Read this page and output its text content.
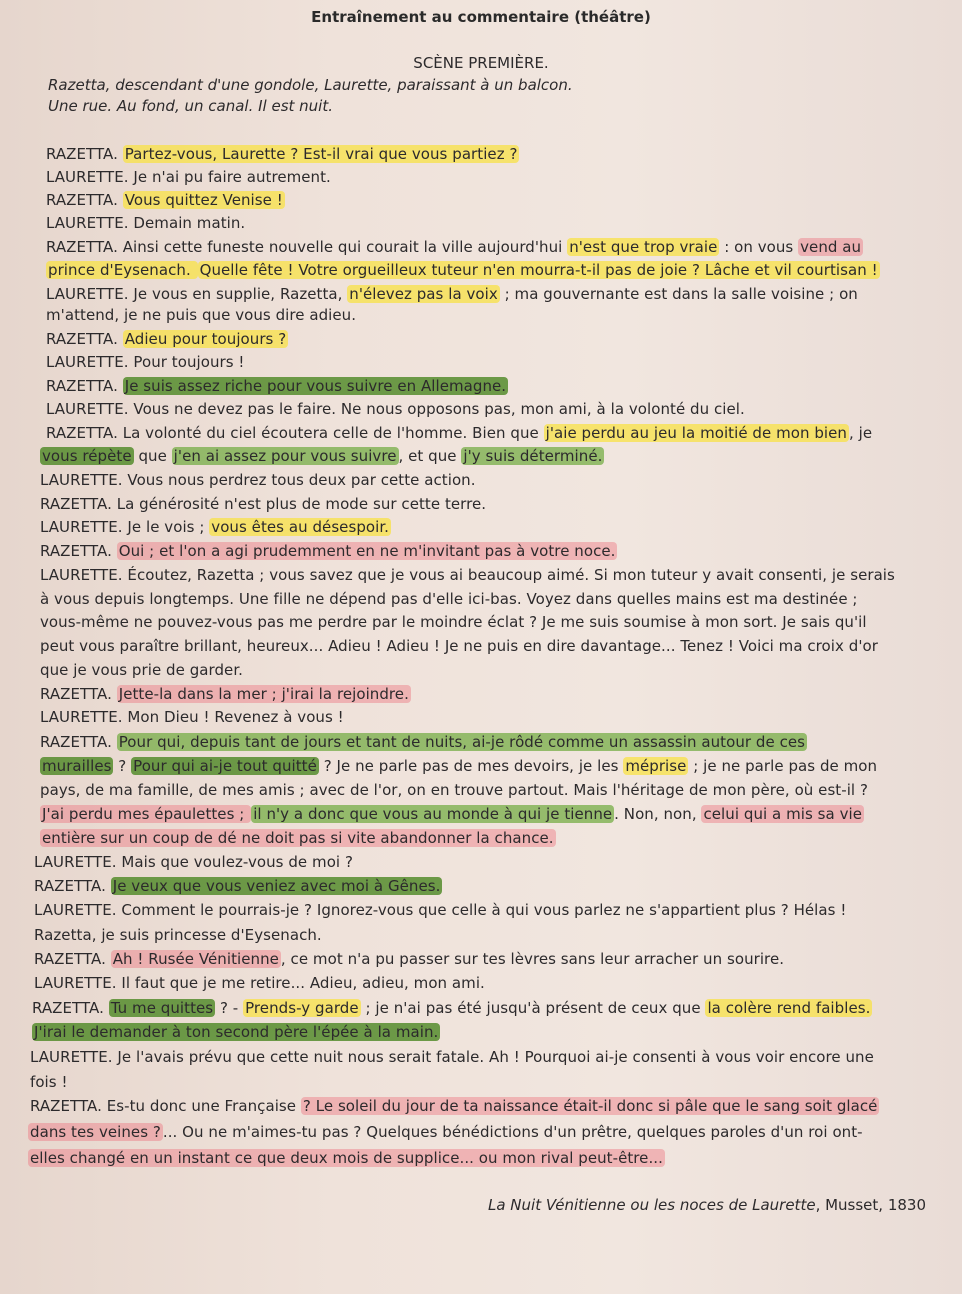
Entraînement au commentaire (théâtre)
SCÈNE PREMIÈRE.
Razetta, descendant d'une gondole, Laurette, paraissant à un balcon.
Une rue. Au fond, un canal. Il est nuit.
RAZETTA. Partez-vous, Laurette ? Est-il vrai que vous partiez ?
LAURETTE. Je n'ai pu faire autrement.
RAZETTA. Vous quittez Venise !
LAURETTE. Demain matin.
RAZETTA. Ainsi cette funeste nouvelle qui courait la ville aujourd'hui n'est que trop vraie : on vous vend au
prince d'Eysenach. Quelle fête ! Votre orgueilleux tuteur n'en mourra-t-il pas de joie ? Lâche et vil courtisan !
LAURETTE. Je vous en supplie, Razetta, n'élevez pas la voix ; ma gouvernante est dans la salle voisine ; on
m'attend, je ne puis que vous dire adieu.
RAZETTA. Adieu pour toujours ?
LAURETTE. Pour toujours !
RAZETTA. Je suis assez riche pour vous suivre en Allemagne.
LAURETTE. Vous ne devez pas le faire. Ne nous opposons pas, mon ami, à la volonté du ciel.
RAZETTA. La volonté du ciel écoutera celle de l'homme. Bien que j'aie perdu au jeu la moitié de mon bien , je
vous répète que j'en ai assez pour vous suivre , et que j'y suis déterminé.
LAURETTE. Vous nous perdrez tous deux par cette action.
RAZETTA. La générosité n'est plus de mode sur cette terre.
LAURETTE. Je le vois ; vous êtes au désespoir.
RAZETTA. Oui ; et l'on a agi prudemment en ne m'invitant pas à votre noce.
LAURETTE. Écoutez, Razetta ; vous savez que je vous ai beaucoup aimé. Si mon tuteur y avait consenti, je serais
à vous depuis longtemps. Une fille ne dépend pas d'elle ici-bas. Voyez dans quelles mains est ma destinée ;
vous-même ne pouvez-vous pas me perdre par le moindre éclat ? Je me suis soumise à mon sort. Je sais qu'il
peut vous paraître brillant, heureux... Adieu ! Adieu ! Je ne puis en dire davantage... Tenez ! Voici ma croix d'or
que je vous prie de garder.
RAZETTA. Jette-la dans la mer ; j'irai la rejoindre.
LAURETTE. Mon Dieu ! Revenez à vous !
RAZETTA. Pour qui, depuis tant de jours et tant de nuits, ai-je rôdé comme un assassin autour de ces
murailles ? Pour qui ai-je tout quitté ? Je ne parle pas de mes devoirs, je les méprise ; je ne parle pas de mon
pays, de ma famille, de mes amis ; avec de l'or, on en trouve partout. Mais l'héritage de mon père, où est-il ?
J'ai perdu mes épaulettes ; il n'y a donc que vous au monde à qui je tienne . Non, non, celui qui a mis sa vie
entière sur un coup de dé ne doit pas si vite abandonner la chance.
LAURETTE. Mais que voulez-vous de moi ?
RAZETTA. Je veux que vous veniez avec moi à Gênes.
LAURETTE. Comment le pourrais-je ? Ignorez-vous que celle à qui vous parlez ne s'appartient plus ? Hélas !
Razetta, je suis princesse d'Eysenach.
RAZETTA. Ah ! Rusée Vénitienne , ce mot n'a pu passer sur tes lèvres sans leur arracher un sourire.
LAURETTE. Il faut que je me retire... Adieu, adieu, mon ami.
RAZETTA. Tu me quittes ? - Prends-y garde ; je n'ai pas été jusqu'à présent de ceux que la colère rend faibles.
J'irai le demander à ton second père l'épée à la main.
LAURETTE. Je l'avais prévu que cette nuit nous serait fatale. Ah ! Pourquoi ai-je consenti à vous voir encore une
fois !
RAZETTA. Es-tu donc une Française ? Le soleil du jour de ta naissance était-il donc si pâle que le sang soit glacé
dans tes veines ? ... Ou ne m'aimes-tu pas ? Quelques bénédictions d'un prêtre, quelques paroles d'un roi ont-
elles changé en un instant ce que deux mois de supplice... ou mon rival peut-être...
La Nuit Vénitienne ou les noces de Laurette, Musset, 1830
